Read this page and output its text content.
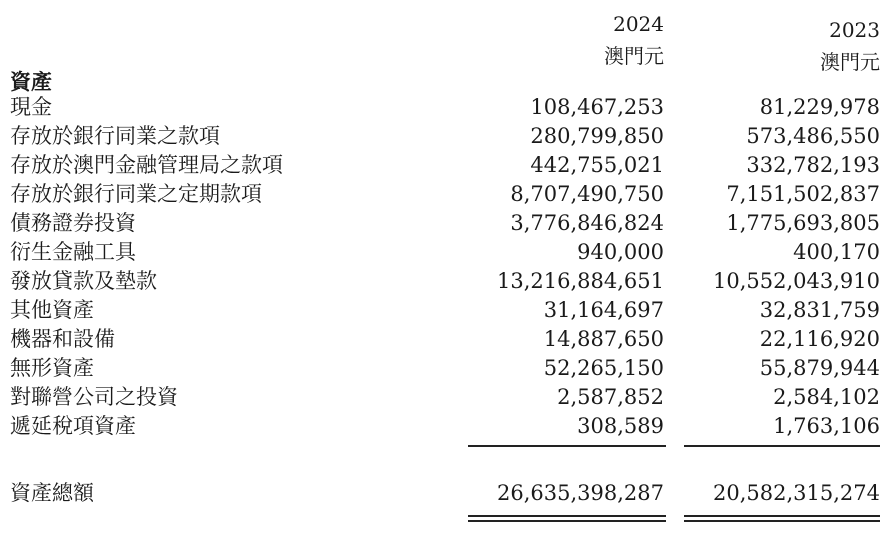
2024	2023
澳門元	澳門元
資產
現金	108,467,253	81,229,978
存放於銀行同業之款項	280,799,850	573,486,550
存放於澳門金融管理局之款項	442,755,021	332,782,193
存放於銀行同業之定期款項	8,707,490,750	7,151,502,837
債務證券投資	3,776,846,824	1,775,693,805
衍生金融工具	940,000	400,170
發放貸款及墊款	13,216,884,651	10,552,043,910
其他資產	31,164,697	32,831,759
機器和設備	14,887,650	22,116,920
無形資產	52,265,150	55,879,944
對聯營公司之投資	2,587,852	2,584,102
遞延稅項資產	308,589	1,763,106
資產總額	26,635,398,287	20,582,315,274
